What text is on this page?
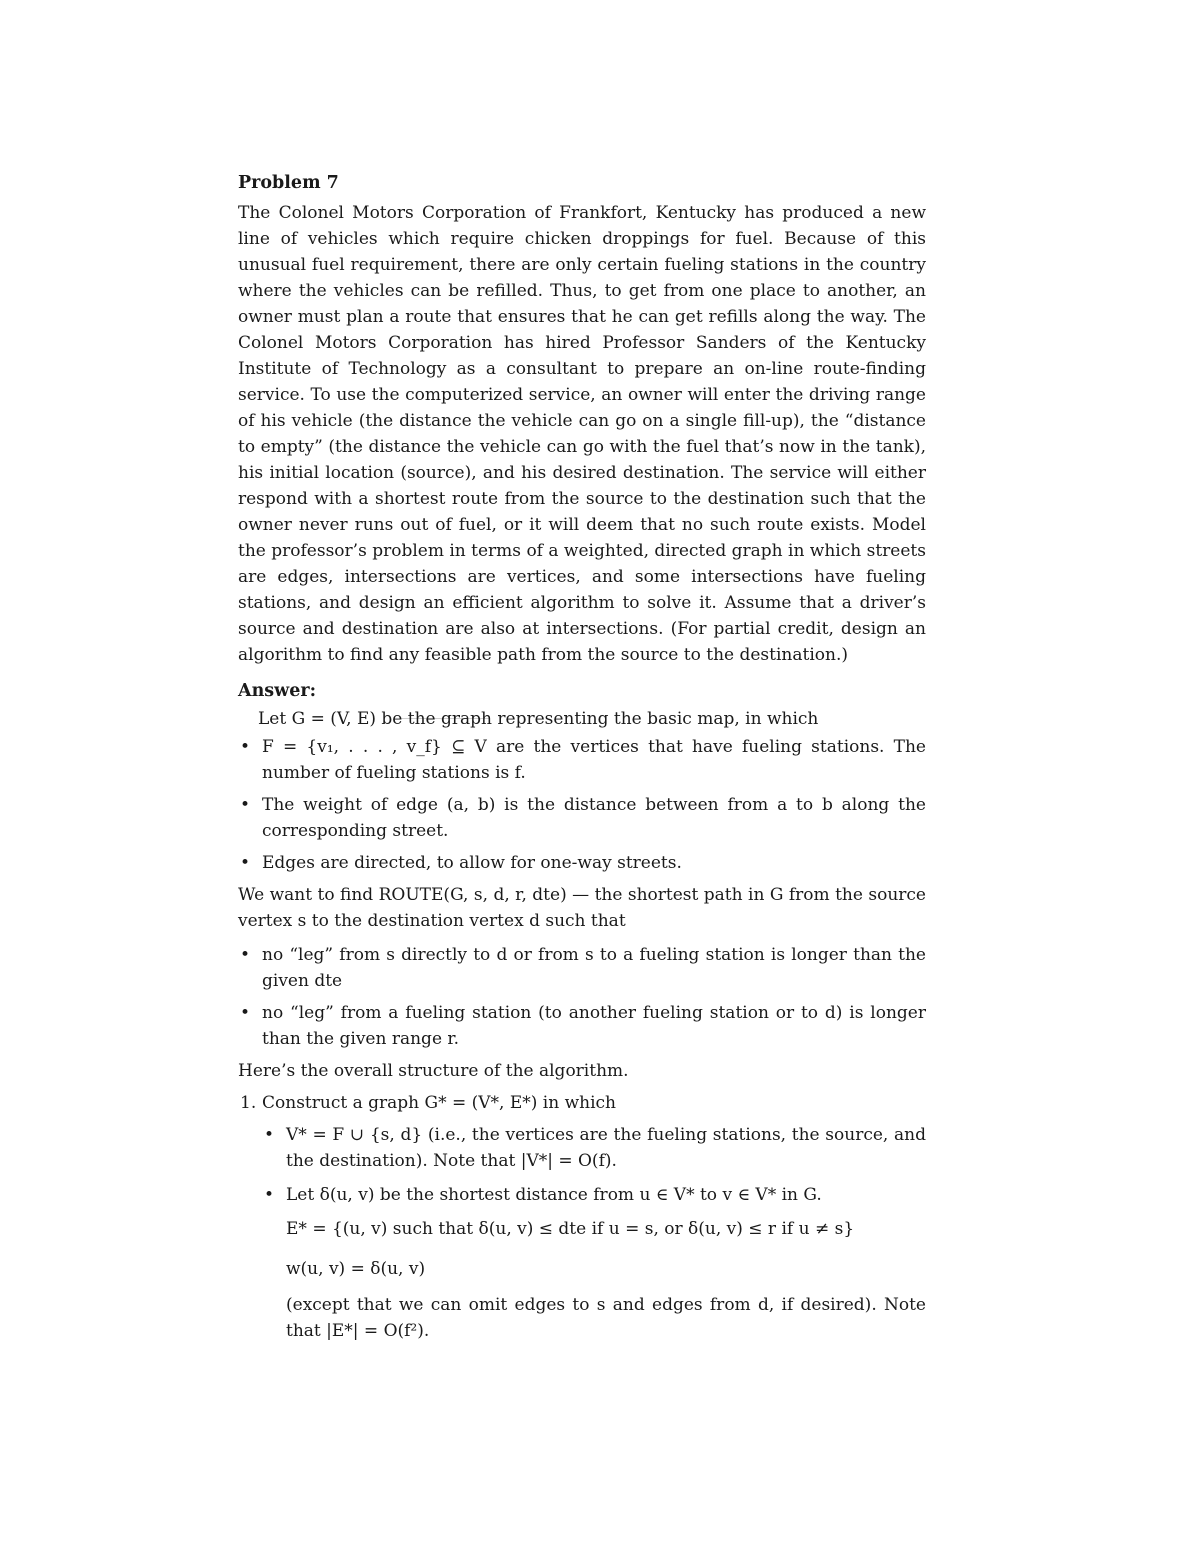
Problem 7

The Colonel Motors Corporation of Frankfort, Kentucky has produced a new line of vehicles which require chicken droppings for fuel. Because of this unusual fuel requirement, there are only certain fueling stations in the country where the vehicles can be refilled. Thus, to get from one place to another, an owner must plan a route that ensures that he can get refills along the way. The Colonel Motors Corporation has hired Professor Sanders of the Kentucky Institute of Technology as a consultant to prepare an on-line route-finding service. To use the computerized service, an owner will enter the driving range of his vehicle (the distance the vehicle can go on a single fill-up), the “distance to empty” (the distance the vehicle can go with the fuel that’s now in the tank), his initial location (source), and his desired destination. The service will either respond with a shortest route from the source to the destination such that the owner never runs out of fuel, or it will deem that no such route exists. Model the professor’s problem in terms of a weighted, directed graph in which streets are edges, intersections are vertices, and some intersections have fueling stations, and design an efficient algorithm to solve it. Assume that a driver’s source and destination are also at intersections. (For partial credit, design an algorithm to find any feasible path from the source to the destination.)

Answer:
Let G = (V, E) be the graph representing the basic map, in which
• F = {v₁, . . . , v_f} ⊆ V are the vertices that have fueling stations. The number of fueling stations is f.
• The weight of edge (a, b) is the distance between from a to b along the corresponding street.
• Edges are directed, to allow for one-way streets.

We want to find ROUTE(G, s, d, r, dte) — the shortest path in G from the source vertex s to the destination vertex d such that

• no “leg” from s directly to d or from s to a fueling station is longer than the given dte
• no “leg” from a fueling station (to another fueling station or to d) is longer than the given range r.

Here’s the overall structure of the algorithm.

1. Construct a graph G* = (V*, E*) in which
• V* = F ∪ {s, d} (i.e., the vertices are the fueling stations, the source, and the destination). Note that |V*| = O(f).
• Let δ(u, v) be the shortest distance from u ∈ V* to v ∈ V* in G.
E* = {(u, v) such that δ(u, v) ≤ dte if u = s, or δ(u, v) ≤ r if u ≠ s}
w(u, v) = δ(u, v)

(except that we can omit edges to s and edges from d, if desired). Note that |E*| = O(f²).
